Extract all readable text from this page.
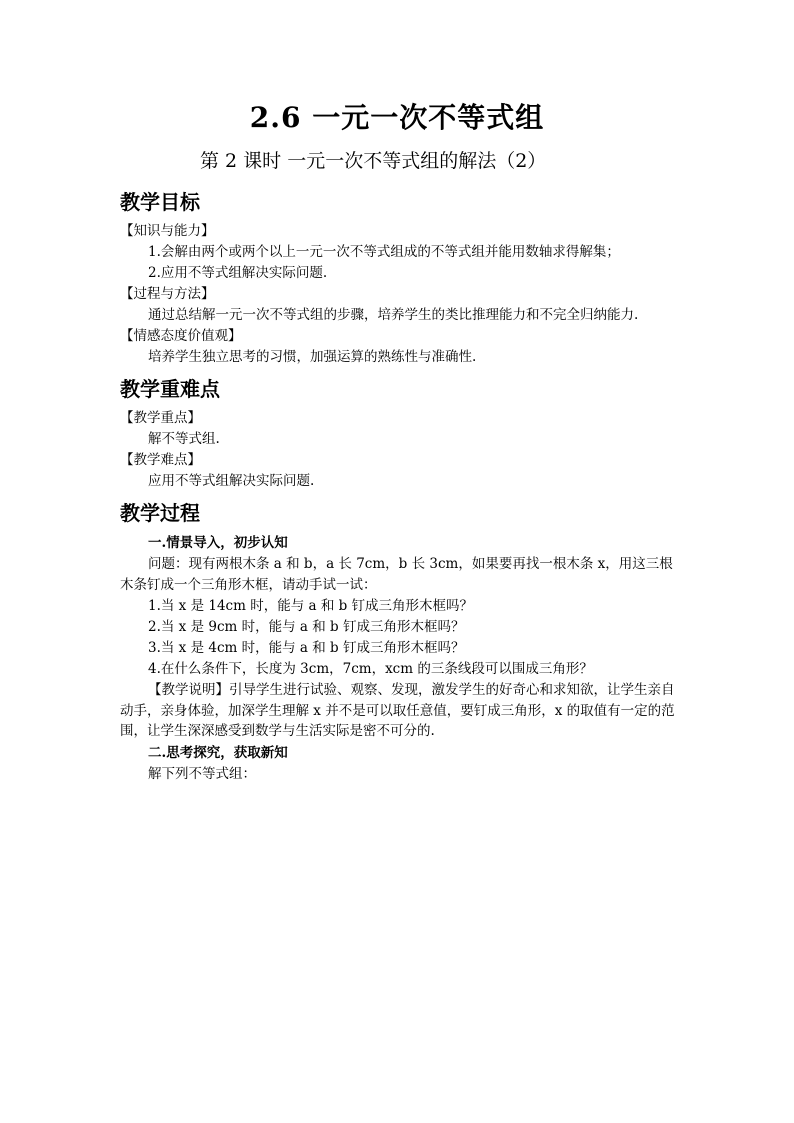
2.6 一元一次不等式组
第 2 课时 一元一次不等式组的解法（2）
教学目标
【知识与能力】
1.会解由两个或两个以上一元一次不等式组成的不等式组并能用数轴求得解集；
2.应用不等式组解决实际问题.
【过程与方法】
通过总结解一元一次不等式组的步骤，培养学生的类比推理能力和不完全归纳能力.
【情感态度价值观】
培养学生独立思考的习惯，加强运算的熟练性与准确性.
教学重难点
【教学重点】
解不等式组.
【教学难点】
应用不等式组解决实际问题.
教学过程
一.情景导入，初步认知
问题：现有两根木条 a 和 b，a 长 7cm，b 长 3cm，如果要再找一根木条 x，用这三根木条钉成一个三角形木框，请动手试一试：
1.当 x 是 14cm 时，能与 a 和 b 钉成三角形木框吗？
2.当 x 是 9cm 时，能与 a 和 b 钉成三角形木框吗？
3.当 x 是 4cm 时，能与 a 和 b 钉成三角形木框吗？
4.在什么条件下，长度为 3cm，7cm，xcm 的三条线段可以围成三角形？
【教学说明】引导学生进行试验、观察、发现，激发学生的好奇心和求知欲，让学生亲自动手，亲身体验，加深学生理解 x 并不是可以取任意值，要钉成三角形，x 的取值有一定的范围，让学生深深感受到数学与生活实际是密不可分的.
二.思考探究，获取新知
解下列不等式组：
